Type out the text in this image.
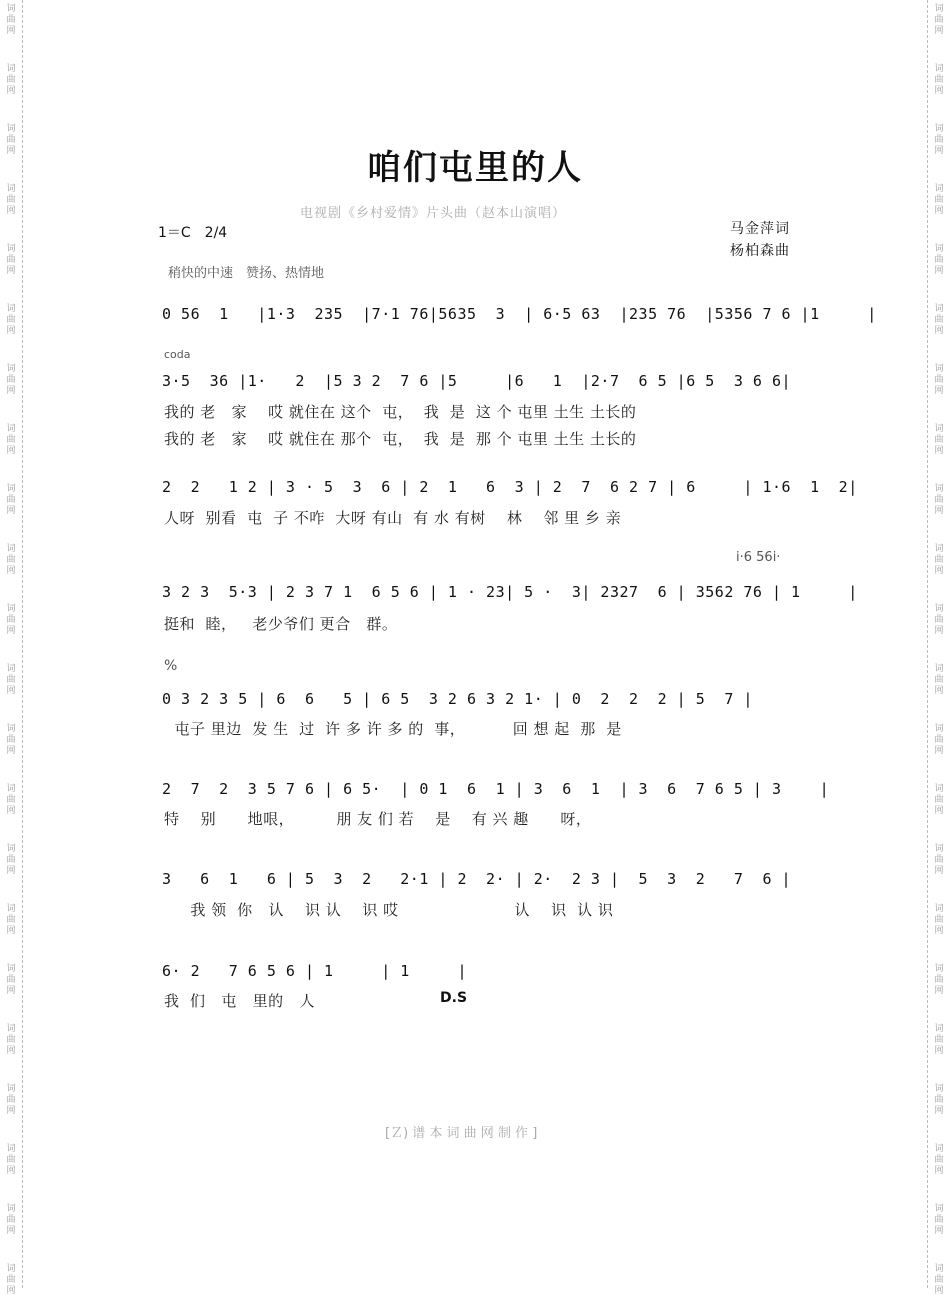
词
曲
网
词
曲
网
词
曲
网
词
曲
网
词
曲
网
词
曲
网
词
曲
网
词
曲
网
词
曲
网
词
曲
网
词
曲
网
词
曲
网
词
曲
网
词
曲
网
词
曲
网
词
曲
网
词
曲
网
词
曲
网
词
曲
网
词
曲
网
词
曲
网
词
曲
网
词
曲
网
词
曲
网
词
曲
网
词
曲
网
词
曲
网
词
曲
网
词
曲
网
词
曲
网
词
曲
网
词
曲
网
词
曲
网
词
曲
网
词
曲
网
词
曲
网
词
曲
网
词
曲
网
词
曲
网
词
曲
网
词
曲
网
词
曲
网
词
曲
网
词
曲
网
咱们屯里的人
电视剧《乡村爱情》片头曲（赵本山演唱）
1＝C　2/4	马金萍词
杨柏森曲
稍快的中速　赞扬、热情地
coda
%
i·6 56i·
D.S
0 56  1   |1·3  235  |7·1 76|5635  3  | 6·5 63  |235 76  |5356 7 6 |1     |
3·5  36 |1·   2  |5 3 2  7 6 |5     |6   1  |2·7  6 5 |6 5  3 6 6|
我的 老   家    哎 就住在 这个  屯，  我  是  这 个 屯里 土生 土长的
我的 老   家    哎 就住在 那个  屯，  我  是  那 个 屯里 土生 土长的
2  2   1 2 | 3 · 5  3  6 | 2  1   6  3 | 2  7  6 2 7 | 6     | 1·6  1  2|
人呀  别看  屯  子 不咋  大呀 有山  有 水 有树    林    邻 里 乡 亲
3 2 3  5·3 | 2 3 7 1  6 5 6 | 1 · 23| 5 ·  3| 2327  6 | 3562 76 | 1     |
挺和  睦，   老少爷们 更合   群。
0 3 2 3 5 | 6  6   5 | 6 5  3 2 6 3 2 1· | 0  2  2  2 | 5  7 |
屯子 里边  发 生  过  许 多 许 多 的  事，         回 想 起  那  是
2  7  2  3 5 7 6 | 6 5·  | 0 1  6  1 | 3  6  1  | 3  6  7 6 5 | 3    |
特    别      地哏，        朋 友 们 若    是    有 兴 趣      呀，
3   6  1   6 | 5  3  2   2·1 | 2  2· | 2·  2 3 |  5  3  2   7  6 |
我 领  你   认    识 认    识 哎                      认    识  认 识
6· 2   7 6 5 6 | 1     | 1     |
我  们   屯   里的   人
[Ｚ) 谱 本 词 曲 网 制 作 ]
